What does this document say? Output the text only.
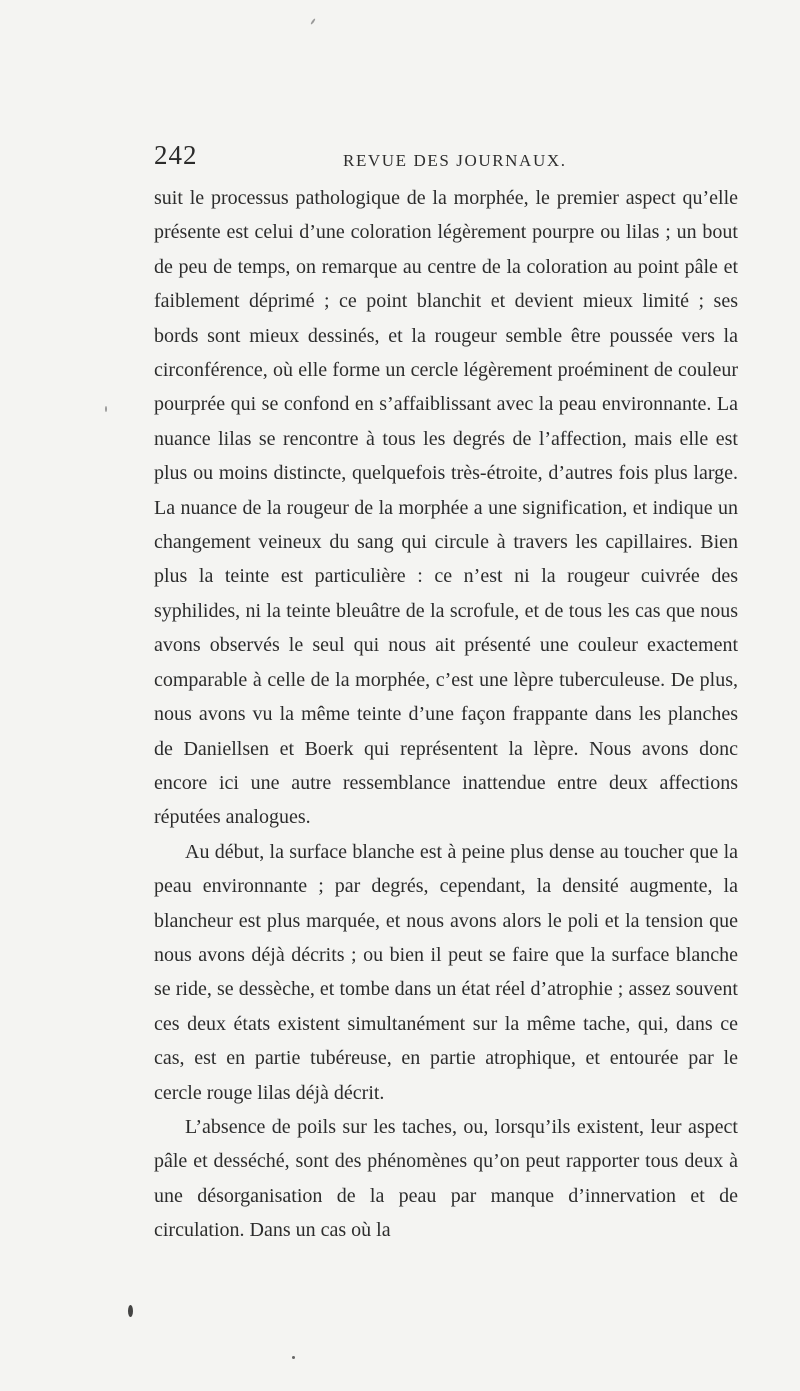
242	REVUE DES JOURNAUX.

suit le processus pathologique de la morphée, le premier aspect qu’elle présente est celui d’une coloration légèrement pourpre ou lilas ; un bout de peu de temps, on remarque au centre de la coloration au point pâle et faiblement déprimé ; ce point blanchit et devient mieux limité ; ses bords sont mieux dessinés, et la rougeur semble être poussée vers la circonférence, où elle forme un cercle légèrement proéminent de couleur pourprée qui se confond en s’affaiblissant avec la peau environnante. La nuance lilas se rencontre à tous les degrés de l’affection, mais elle est plus ou moins distincte, quelquefois très-étroite, d’autres fois plus large. La nuance de la rougeur de la morphée a une signification, et indique un changement veineux du sang qui circule à travers les capillaires. Bien plus la teinte est particulière : ce n’est ni la rougeur cuivrée des syphilides, ni la teinte bleuâtre de la scrofule, et de tous les cas que nous avons observés le seul qui nous ait présenté une couleur exactement comparable à celle de la morphée, c’est une lèpre tuberculeuse. De plus, nous avons vu la même teinte d’une façon frappante dans les planches de Daniellsen et Boerk qui représentent la lèpre. Nous avons donc encore ici une autre ressemblance inattendue entre deux affections réputées analogues.

Au début, la surface blanche est à peine plus dense au toucher que la peau environnante ; par degrés, cependant, la densité augmente, la blancheur est plus marquée, et nous avons alors le poli et la tension que nous avons déjà décrits ; ou bien il peut se faire que la surface blanche se ride, se dessèche, et tombe dans un état réel d’atrophie ; assez souvent ces deux états existent simultanément sur la même tache, qui, dans ce cas, est en partie tubéreuse, en partie atrophique, et entourée par le cercle rouge lilas déjà décrit.

L’absence de poils sur les taches, ou, lorsqu’ils existent, leur aspect pâle et desséché, sont des phénomènes qu’on peut rapporter tous deux à une désorganisation de la peau par manque d’innervation et de circulation. Dans un cas où la
